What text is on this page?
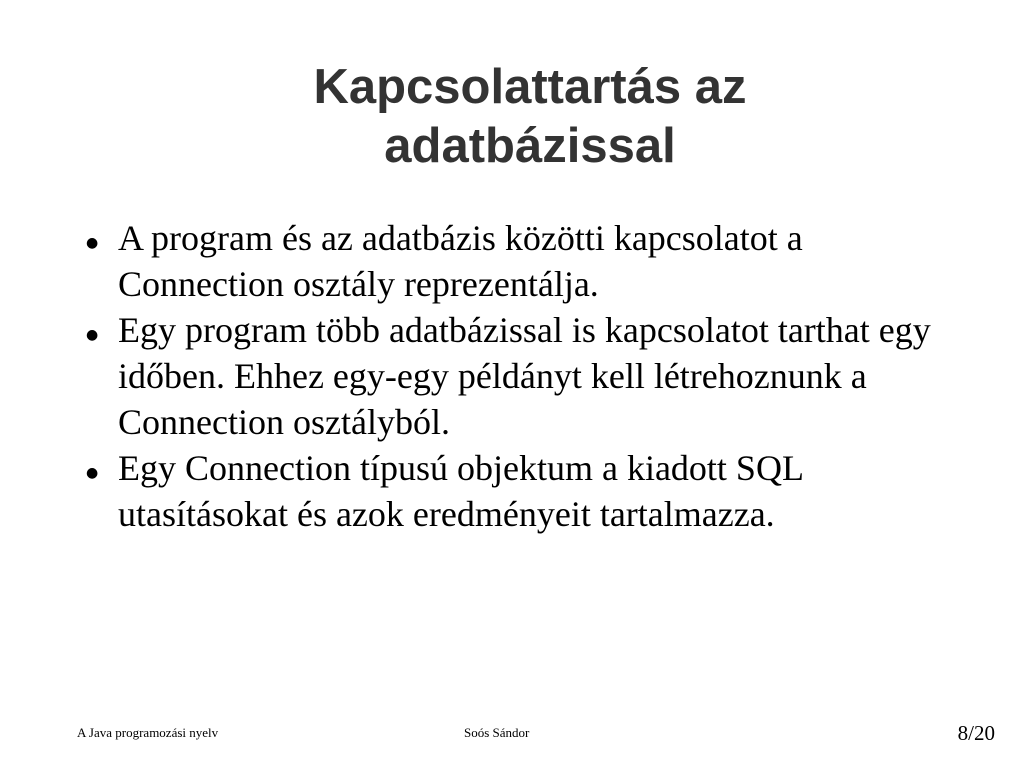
Kapcsolattartás az
adatbázissal
● A program és az adatbázis közötti kapcsolatot a Connection osztály reprezentálja.
● Egy program több adatbázissal is kapcsolatot tarthat egy időben. Ehhez egy-egy példányt kell létrehoznunk a Connection osztályból.
● Egy Connection típusú objektum a kiadott SQL utasításokat és azok eredményeit tartalmazza.
A Java programozási nyelv	Soós Sándor	8/20
